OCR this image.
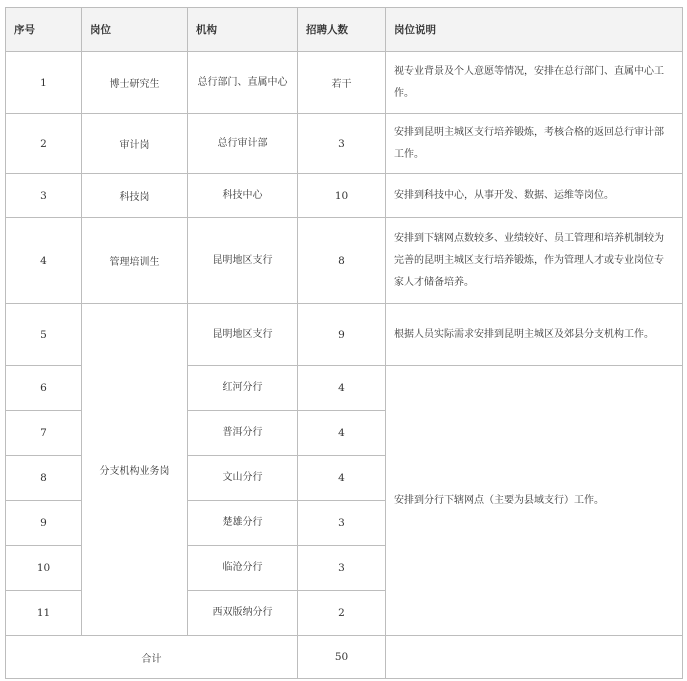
序号	岗位	机构	招聘人数	岗位说明
1	博士研究生	总行部门、直属中心	若干	视专业背景及个人意愿等情况，安排在总行部门、直属中心工作。
2	审计岗	总行审计部	3	安排到昆明主城区支行培养锻炼，考核合格的返回总行审计部工作。
3	科技岗	科技中心	10	安排到科技中心，从事开发、数据、运维等岗位。
4	管理培训生	昆明地区支行	8	安排到下辖网点数较多、业绩较好、员工管理和培养机制较为完善的昆明主城区支行培养锻炼，作为管理人才或专业岗位专家人才储备培养。
5	分支机构业务岗	昆明地区支行	9	根据人员实际需求安排到昆明主城区及郊县分支机构工作。
6		红河分行	4	安排到分行下辖网点（主要为县域支行）工作。
7		普洱分行	4	
8		文山分行	4	
9		楚雄分行	3	
10		临沧分行	3	
11		西双版纳分行	2	
合计			50	
